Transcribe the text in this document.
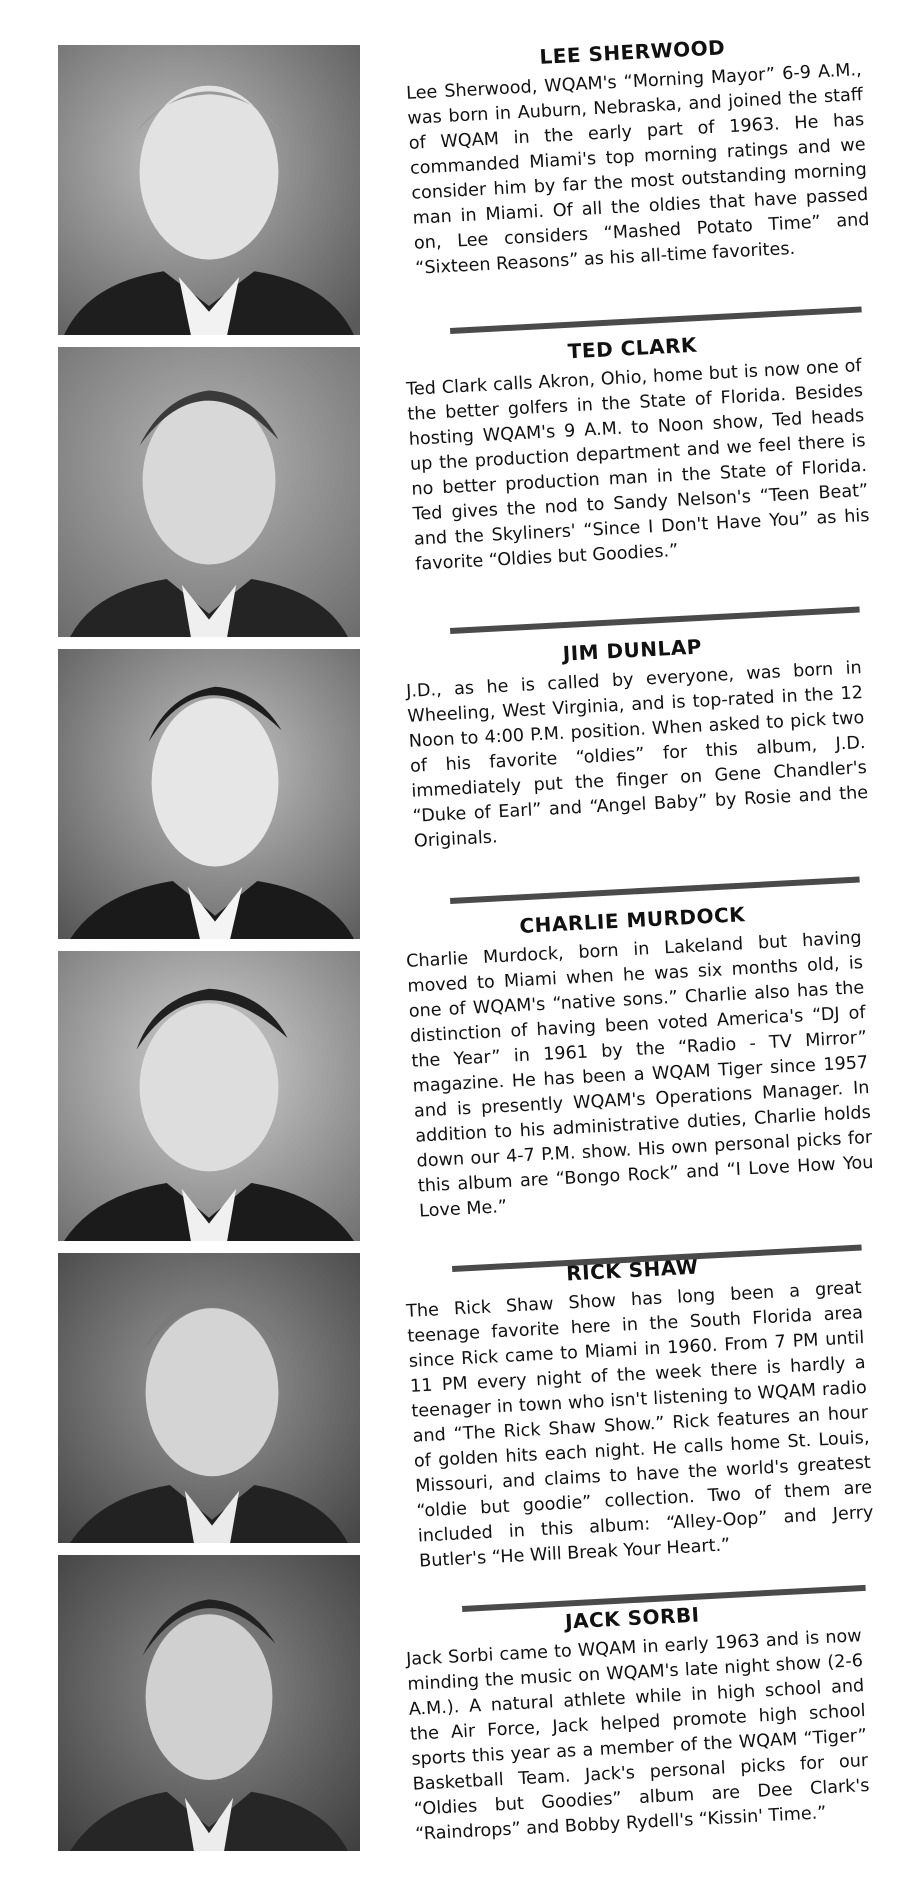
LEE SHERWOOD

Lee Sherwood, WQAM's “Morning Mayor” 6-9 A.M., was born in Auburn, Nebraska, and joined the staff of WQAM in the early part of 1963. He has commanded Miami's top morning ratings and we consider him by far the most outstanding morning man in Miami. Of all the oldies that have passed on, Lee considers “Mashed Potato Time” and “Sixteen Reasons” as his all-time favorites.

TED CLARK

Ted Clark calls Akron, Ohio, home but is now one of the better golfers in the State of Florida. Besides hosting WQAM's 9 A.M. to Noon show, Ted heads up the production department and we feel there is no better production man in the State of Florida. Ted gives the nod to Sandy Nelson's “Teen Beat” and the Skyliners' “Since I Don't Have You” as his favorite “Oldies but Goodies.”

JIM DUNLAP

J.D., as he is called by everyone, was born in Wheeling, West Virginia, and is top-rated in the 12 Noon to 4:00 P.M. position. When asked to pick two of his favorite “oldies” for this album, J.D. immediately put the finger on Gene Chandler's “Duke of Earl” and “Angel Baby” by Rosie and the Originals.

CHARLIE MURDOCK

Charlie Murdock, born in Lakeland but having moved to Miami when he was six months old, is one of WQAM's “native sons.” Charlie also has the distinction of having been voted America's “DJ of the Year” in 1961 by the “Radio - TV Mirror” magazine. He has been a WQAM Tiger since 1957 and is presently WQAM's Operations Manager. In addition to his administrative duties, Charlie holds down our 4-7 P.M. show. His own personal picks for this album are “Bongo Rock” and “I Love How You Love Me.”

RICK SHAW

The Rick Shaw Show has long been a great teenage favorite here in the South Florida area since Rick came to Miami in 1960. From 7 PM until 11 PM every night of the week there is hardly a teenager in town who isn't listening to WQAM radio and “The Rick Shaw Show.” Rick features an hour of golden hits each night. He calls home St. Louis, Missouri, and claims to have the world's greatest “oldie but goodie” collection. Two of them are included in this album: “Alley-Oop” and Jerry Butler's “He Will Break Your Heart.”

JACK SORBI

Jack Sorbi came to WQAM in early 1963 and is now minding the music on WQAM's late night show (2-6 A.M.). A natural athlete while in high school and the Air Force, Jack helped promote high school sports this year as a member of the WQAM “Tiger” Basketball Team. Jack's personal picks for our “Oldies but Goodies” album are Dee Clark's “Raindrops” and Bobby Rydell's “Kissin' Time.”
